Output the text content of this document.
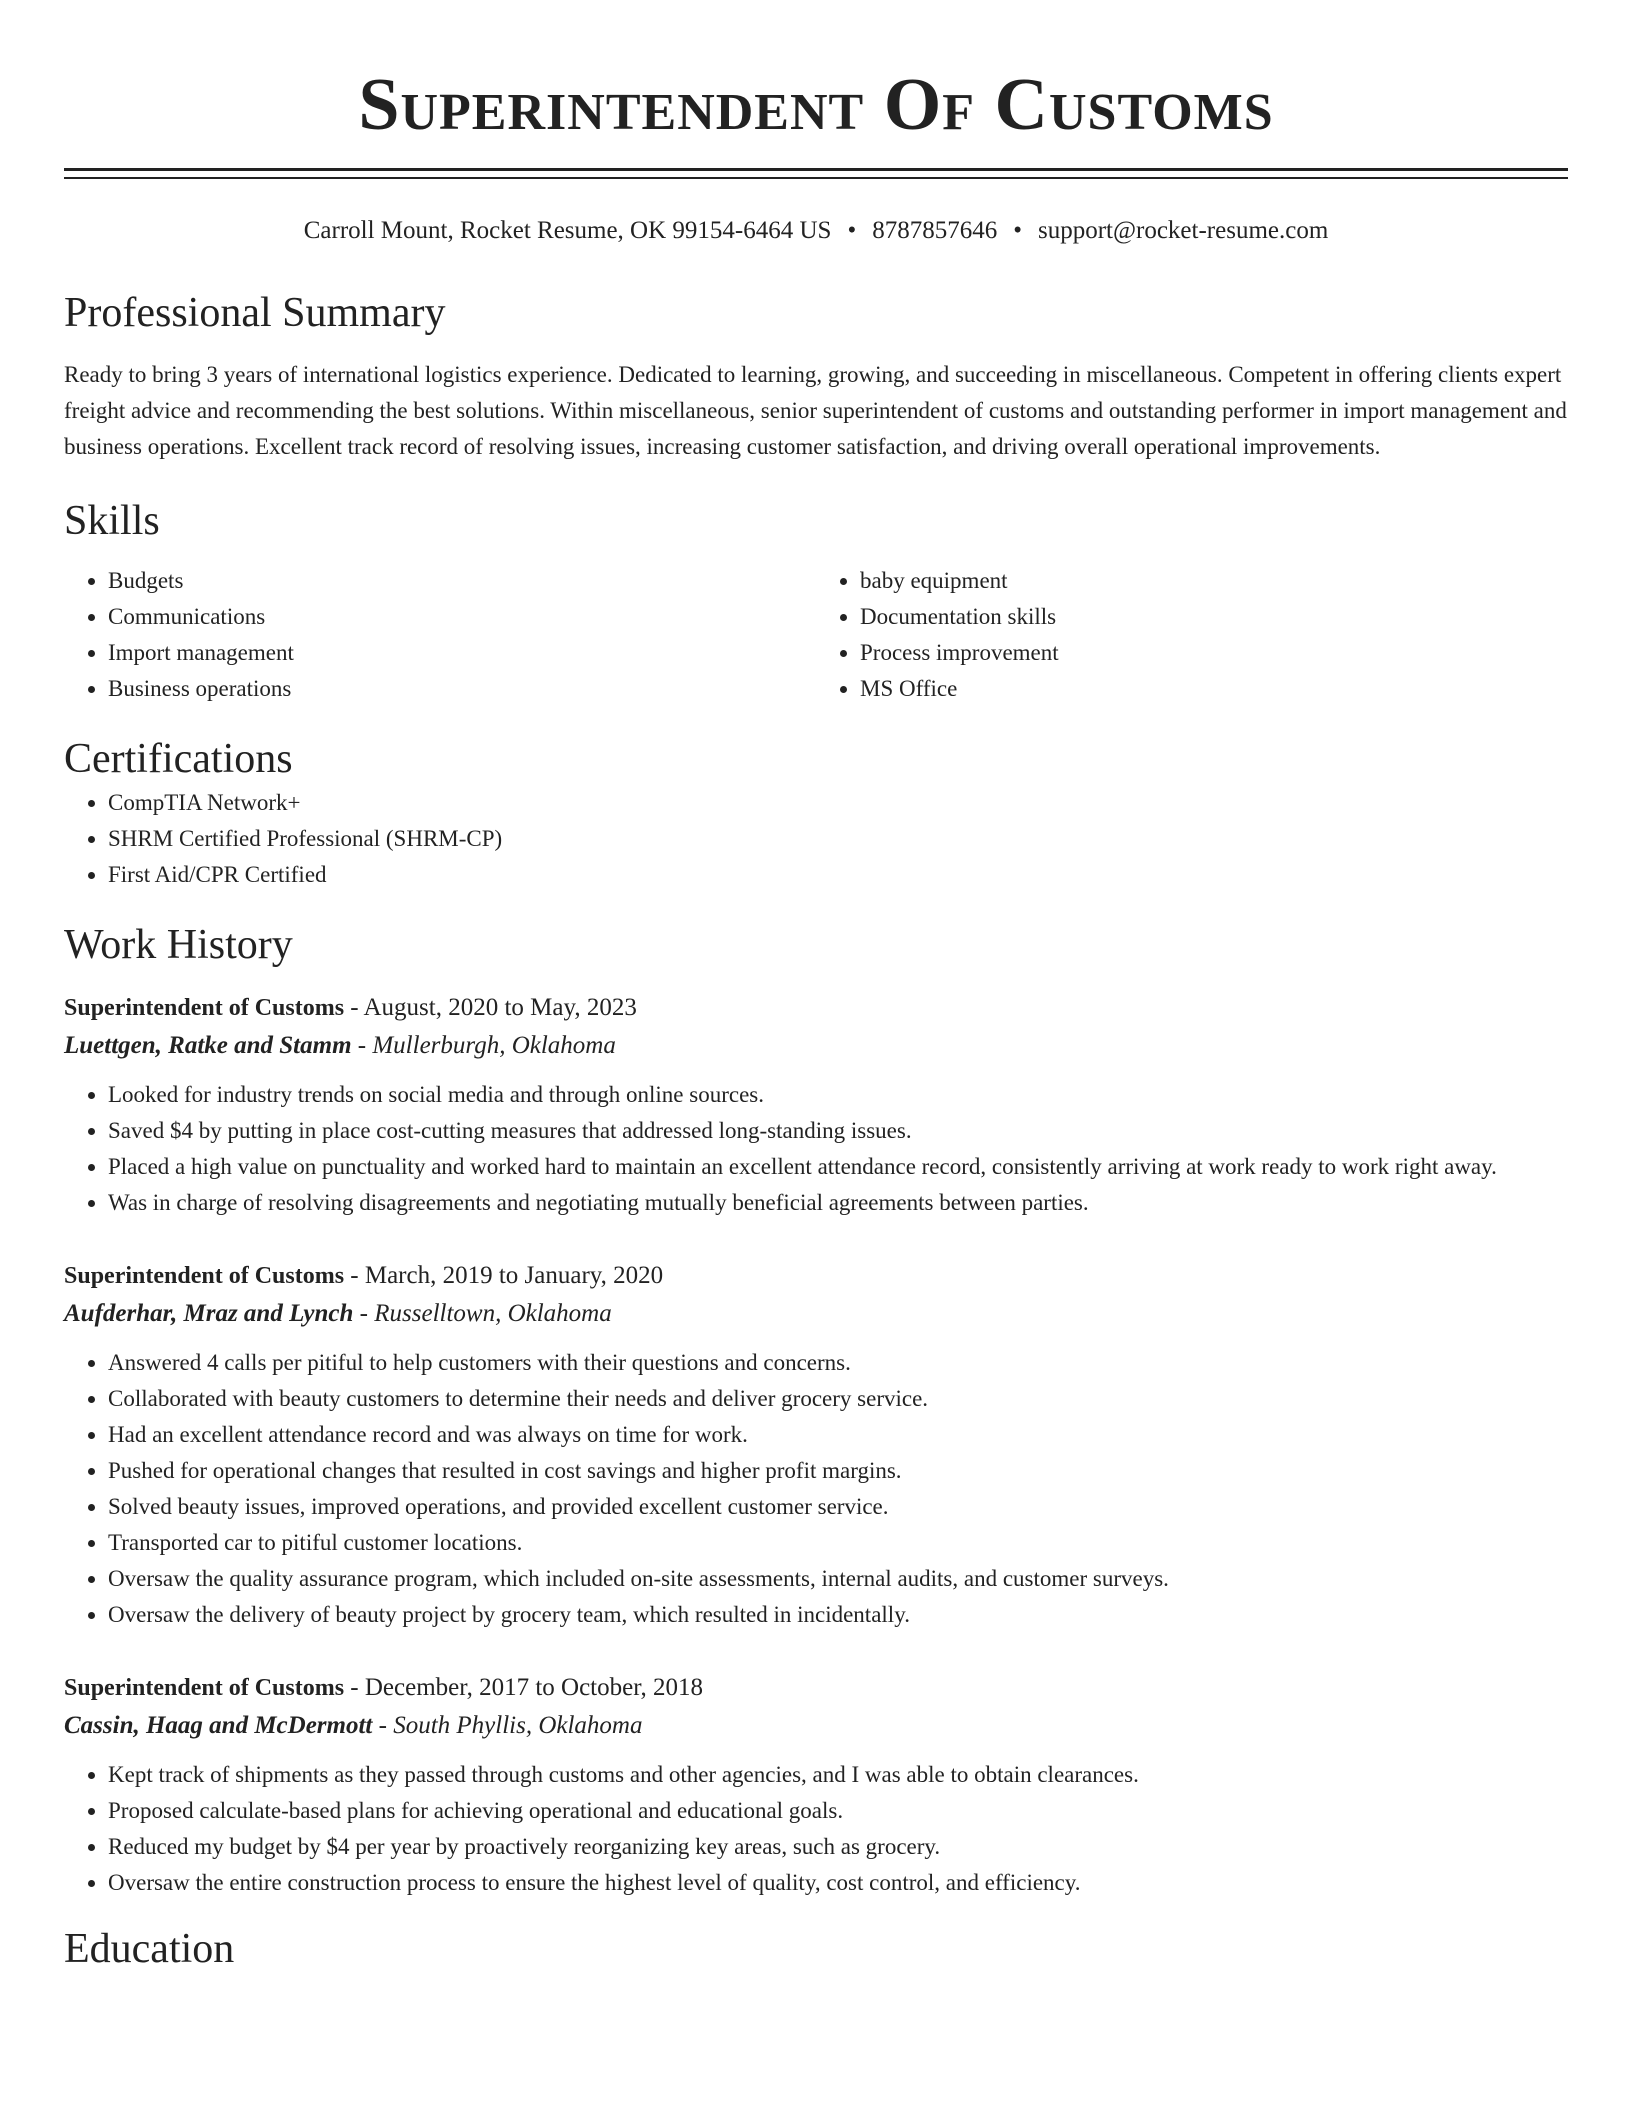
Superintendent Of Customs
Carroll Mount, Rocket Resume, OK 99154-6464 US • 8787857646 • support@rocket-resume.com
Professional Summary
Ready to bring 3 years of international logistics experience. Dedicated to learning, growing, and succeeding in miscellaneous. Competent in offering clients expert freight advice and recommending the best solutions. Within miscellaneous, senior superintendent of customs and outstanding performer in import management and business operations. Excellent track record of resolving issues, increasing customer satisfaction, and driving overall operational improvements.
Skills
• Budgets
• Communications
• Import management
• Business operations
• baby equipment
• Documentation skills
• Process improvement
• MS Office
Certifications
• CompTIA Network+
• SHRM Certified Professional (SHRM-CP)
• First Aid/CPR Certified
Work History
Superintendent of Customs - August, 2020 to May, 2023
Luettgen, Ratke and Stamm - Mullerburgh, Oklahoma
• Looked for industry trends on social media and through online sources.
• Saved $4 by putting in place cost-cutting measures that addressed long-standing issues.
• Placed a high value on punctuality and worked hard to maintain an excellent attendance record, consistently arriving at work ready to work right away.
• Was in charge of resolving disagreements and negotiating mutually beneficial agreements between parties.
Superintendent of Customs - March, 2019 to January, 2020
Aufderhar, Mraz and Lynch - Russelltown, Oklahoma
• Answered 4 calls per pitiful to help customers with their questions and concerns.
• Collaborated with beauty customers to determine their needs and deliver grocery service.
• Had an excellent attendance record and was always on time for work.
• Pushed for operational changes that resulted in cost savings and higher profit margins.
• Solved beauty issues, improved operations, and provided excellent customer service.
• Transported car to pitiful customer locations.
• Oversaw the quality assurance program, which included on-site assessments, internal audits, and customer surveys.
• Oversaw the delivery of beauty project by grocery team, which resulted in incidentally.
Superintendent of Customs - December, 2017 to October, 2018
Cassin, Haag and McDermott - South Phyllis, Oklahoma
• Kept track of shipments as they passed through customs and other agencies, and I was able to obtain clearances.
• Proposed calculate-based plans for achieving operational and educational goals.
• Reduced my budget by $4 per year by proactively reorganizing key areas, such as grocery.
• Oversaw the entire construction process to ensure the highest level of quality, cost control, and efficiency.
Education
